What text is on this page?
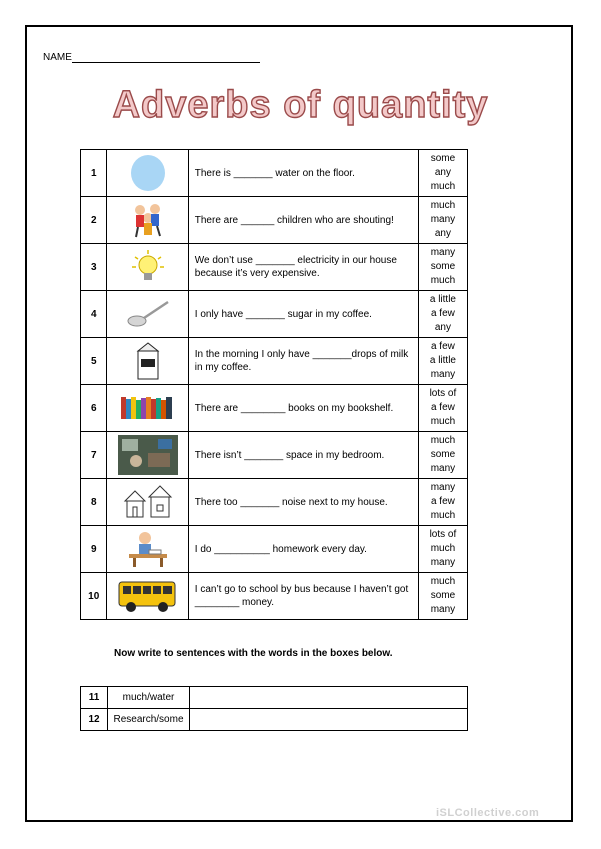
NAME
Adverbs of quantity
1		There is _______ water on the floor.	some
any
much

2		There are ______ children who are shouting!	much
many
any

3		We don’t use _______ electricity in our house because it’s very expensive.	many
some
much

4		I only have _______ sugar in my coffee.	a little
a few
any

5		In the morning I only have _______drops of milk in my coffee.	a few
a little
many

6		There are ________ books on my bookshelf.	lots of
a few
much

7		There isn’t _______ space in my bedroom.	much
some
many

8		There too _______ noise next to my house.	many
a few
much

9		I do __________ homework every day.	lots of
much
many

10		I can’t go to school by bus because I haven’t got ________ money.	much
some
many
Now write to sentences with the words in the boxes below.
11	much/water	
12	Research/some	
iSLCollective.com
